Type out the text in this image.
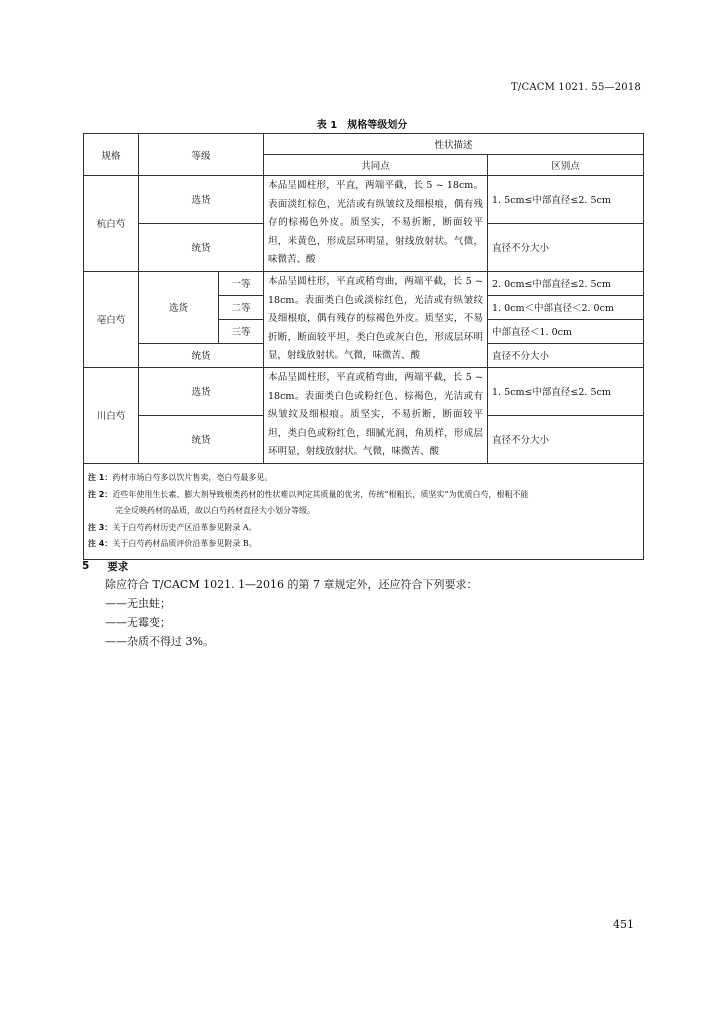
T/CACM 1021. 55—2018
表 1　规格等级划分
规格	等级		性状描述	
			共同点	区别点
杭白芍	选货		本品呈圆柱形，平直，两端平截，长 5 ~ 18cm。表面淡红棕色，光洁或有纵皱纹及细根痕，偶有残存的棕褐色外皮。质坚实，不易折断，断面较平坦，米黄色，形成层环明显，射线放射状。气微，味微苦、酸	1. 5cm≤中部直径≤2. 5cm
	统货			直径不分大小
亳白芍	选货	一等	本品呈圆柱形，平直或稍弯曲，两端平截，长 5 ~ 18cm。表面类白色或淡棕红色，光洁或有纵皱纹及细根痕，偶有残存的棕褐色外皮。质坚实，不易折断，断面较平坦，类白色或灰白色，形成层环明显，射线放射状。气微，味微苦、酸	2. 0cm≤中部直径≤2. 5cm
		二等		1. 0cm＜中部直径＜2. 0cm
		三等		中部直径＜1. 0cm
	统货			直径不分大小
川白芍	选货		本品呈圆柱形，平直或稍弯曲，两端平截，长 5 ~ 18cm。表面类白色或粉红色、棕褐色，光洁或有纵皱纹及细根痕。质坚实，不易折断，断面较平坦，类白色或粉红色，细腻光润，角质样，形成层环明显，射线放射状。气微，味微苦、酸	1. 5cm≤中部直径≤2. 5cm
	统货			直径不分大小

注 1：药材市场白芍多以饮片售卖，亳白芍最多见。
注 2：近些年使用生长素、膨大剂导致根类药材的性状难以判定其质量的优劣，传统“根粗长，质坚实”为优质白芍，根粗不能
完全反映药材的品质，故以白芍药材直径大小划分等级。
注 3：关于白芍药材历史产区沿革参见附录 A。
注 4：关于白芍药材品质评价沿革参见附录 B。				
5 要求
除应符合 T/CACM 1021. 1—2016 的第 7 章规定外，还应符合下列要求：
——无虫蛀；
——无霉变；
——杂质不得过 3%。
451
